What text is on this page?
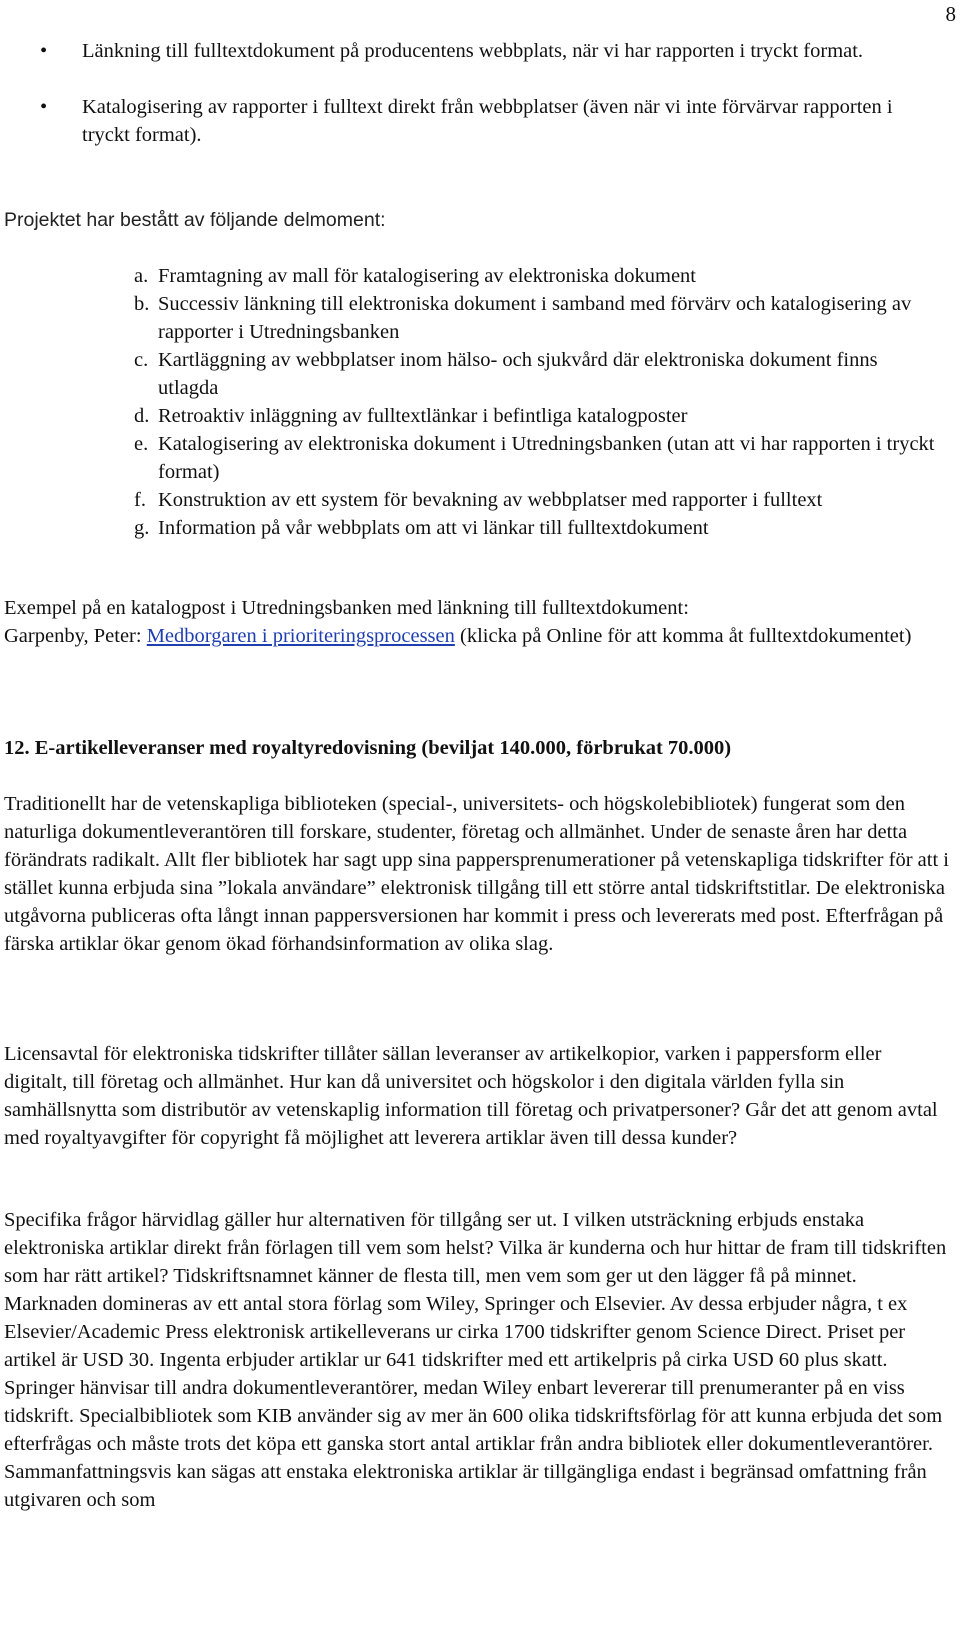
8
• Länkning till fulltextdokument på producentens webbplats, när vi har rapporten i tryckt format.
• Katalogisering av rapporter i fulltext direkt från webbplatser (även när vi inte förvärvar rapporten i tryckt format).

Projektet har bestått av följande delmoment:

a. Framtagning av mall för katalogisering av elektroniska dokument
b. Successiv länkning till elektroniska dokument i samband med förvärv och katalogisering av rapporter i Utredningsbanken
c. Kartläggning av webbplatser inom hälso- och sjukvård där elektroniska dokument finns utlagda
d. Retroaktiv inläggning av fulltextlänkar i befintliga katalogposter
e. Katalogisering av elektroniska dokument i Utredningsbanken (utan att vi har rapporten i tryckt format)
f. Konstruktion av ett system för bevakning av webbplatser med rapporter i fulltext
g. Information på vår webbplats om att vi länkar till fulltextdokument

Exempel på en katalogpost i Utredningsbanken med länkning till fulltextdokument:
Garpenby, Peter: Medborgaren i prioriteringsprocessen (klicka på Online för att komma åt fulltextdokumentet)

12. E-artikelleveranser med royaltyredovisning (beviljat 140.000, förbrukat 70.000)

Traditionellt har de vetenskapliga biblioteken (special-, universitets- och högskolebibliotek) fungerat som den naturliga dokumentleverantören till forskare, studenter, företag och allmänhet. Under de senaste åren har detta förändrats radikalt. Allt fler bibliotek har sagt upp sina pappersprenumerationer på vetenskapliga tidskrifter för att i stället kunna erbjuda sina ”lokala användare” elektronisk tillgång till ett större antal tidskriftstitlar. De elektroniska utgåvorna publiceras ofta långt innan pappersversionen har kommit i press och levererats med post. Efterfrågan på färska artiklar ökar genom ökad förhandsinformation av olika slag.

Licensavtal för elektroniska tidskrifter tillåter sällan leveranser av artikelkopior, varken i pappersform eller digitalt, till företag och allmänhet. Hur kan då universitet och högskolor i den digitala världen fylla sin samhällsnytta som distributör av vetenskaplig information till företag och privatpersoner? Går det att genom avtal med royaltyavgifter för copyright få möjlighet att leverera artiklar även till dessa kunder?

Specifika frågor härvidlag gäller hur alternativen för tillgång ser ut. I vilken utsträckning erbjuds enstaka elektroniska artiklar direkt från förlagen till vem som helst? Vilka är kunderna och hur hittar de fram till tidskriften som har rätt artikel? Tidskriftsnamnet känner de flesta till, men vem som ger ut den lägger få på minnet. Marknaden domineras av ett antal stora förlag som Wiley, Springer och Elsevier. Av dessa erbjuder några, t ex Elsevier/Academic Press elektronisk artikelleverans ur cirka 1700 tidskrifter genom Science Direct. Priset per artikel är USD 30. Ingenta erbjuder artiklar ur 641 tidskrifter med ett artikelpris på cirka USD 60 plus skatt. Springer hänvisar till andra dokumentleverantörer, medan Wiley enbart levererar till prenumeranter på en viss tidskrift. Specialbibliotek som KIB använder sig av mer än 600 olika tidskriftsförlag för att kunna erbjuda det som efterfrågas och måste trots det köpa ett ganska stort antal artiklar från andra bibliotek eller dokumentleverantörer. Sammanfattningsvis kan sägas att enstaka elektroniska artiklar är tillgängliga endast i begränsad omfattning från utgivaren och som
